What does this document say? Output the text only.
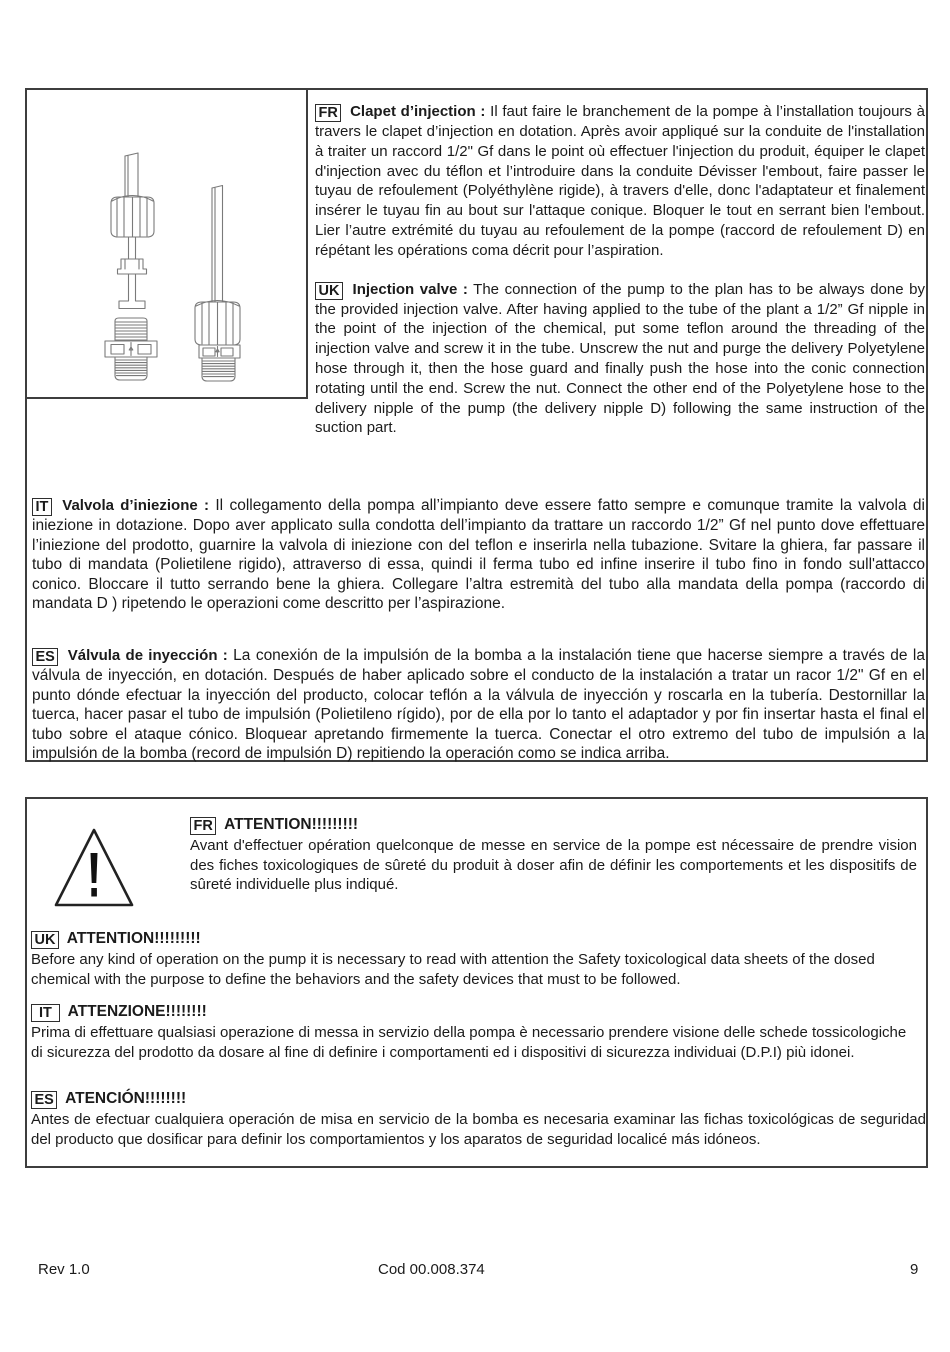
FR Clapet d’injection : Il faut faire le branchement de la pompe à l’installation toujours à travers le clapet d’injection en dotation. Après avoir appliqué sur la conduite de l'installation à traiter un raccord 1/2" Gf dans le point où effectuer l'injection du produit, équiper le clapet d'injection avec du téflon et l’introduire dans la conduite Dévisser l'embout, faire passer le tuyau de refoulement (Polyéthylène rigide), à travers d'elle, donc l'adaptateur et finalement insérer le tuyau fin au bout sur l'attaque conique. Bloquer le tout en serrant bien l'embout. Lier l’autre extrémité du tuyau au refoulement de la pompe (raccord de refoulement D) en répétant les opérations coma décrit pour l’aspiration.

UK Injection valve : The connection of the pump to the plan has to be always done by the provided injection valve. After having applied to the tube of the plant a 1/2” Gf nipple in the point of the injection of the chemical, put some teflon around the threading of the injection valve and screw it in the tube. Unscrew the nut and purge the delivery Polyetylene hose through it, then the hose guard and finally push the hose into the conic connection rotating until the end. Screw the nut. Connect the other end of the Polyetylene hose to the delivery nipple of the pump (the delivery nipple D) following the same instruction of the suction part.

IT Valvola d’iniezione : Il collegamento della pompa all’impianto deve essere fatto sempre e comunque tramite la valvola di iniezione in dotazione. Dopo aver applicato sulla condotta dell’impianto da trattare un raccordo 1/2” Gf nel punto dove effettuare l’iniezione del prodotto, guarnire la valvola di iniezione con del teflon e inserirla nella tubazione. Svitare la ghiera, far passare il tubo di mandata (Polietilene rigido), attraverso di essa, quindi il ferma tubo ed infine inserire il tubo fino in fondo sull'attacco conico. Bloccare il tutto serrando bene la ghiera. Collegare l’altra estremità del tubo alla mandata della pompa (raccordo di mandata D ) ripetendo le operazioni come descritto per l’aspirazione.

ES Válvula de inyección : La conexión de la impulsión de la bomba a la instalación tiene que hacerse siempre a través de la válvula de inyección, en dotación. Después de haber aplicado sobre el conducto de la instalación a tratar un racor 1/2" Gf en el punto dónde efectuar la inyección del producto, colocar teflón a la válvula de inyección y roscarla en la tubería. Destornillar la tuerca, hacer pasar el tubo de impulsión (Polietileno rígido), por de ella por lo tanto el adaptador y por fin insertar hasta el final el tubo sobre el ataque cónico. Bloquear apretando firmemente la tuerca. Conectar el otro extremo del tubo de impulsión a la impulsión de la bomba (record de impulsión D) repitiendo la operación como se indica arriba.

FR ATTENTION!!!!!!!!!

Avant d'effectuer opération quelconque de messe en service de la pompe est nécessaire de prendre vision des fiches toxicologiques de sûreté du produit à doser afin de définir les comportements et les dispositifs de sûreté individuelle plus indiqué.

UK ATTENTION!!!!!!!!!

Before any kind of operation on the pump it is necessary to read with attention the Safety toxicological data sheets of the dosed chemical with the purpose to define the behaviors and the safety devices that must to be followed.

IT ATTENZIONE!!!!!!!!

Prima di effettuare qualsiasi operazione di messa in servizio della pompa è necessario prendere visione delle schede tossicologiche di sicurezza del prodotto da dosare al fine di definire i comportamenti ed i dispositivi di sicurezza individuai (D.P.I) più idonei.

ES ATENCIÓN!!!!!!!!

Antes de efectuar cualquiera operación de misa en servicio de la bomba es necesaria examinar las fichas toxicológicas de seguridad del producto que dosificar para definir los comportamientos y los aparatos de seguridad localicé más idóneos.

Rev 1.0	Cod 00.008.374	9
